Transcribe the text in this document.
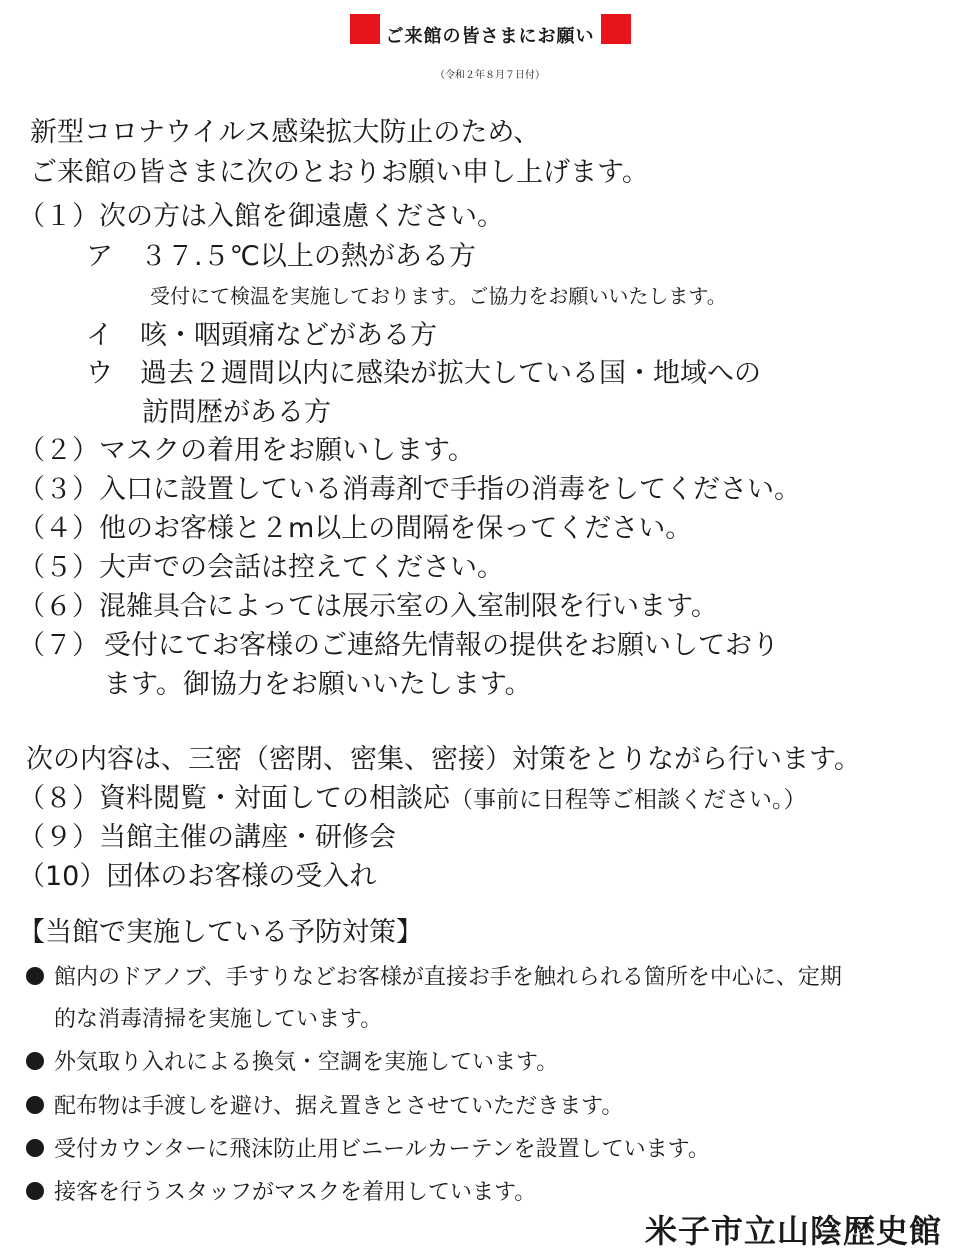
ご来館の皆さまにお願い
（令和２年８月７日付）
新型コロナウイルス感染拡大防止のため、
ご来館の皆さまに次のとおりお願い申し上げます。
（１）次の方は入館を御遠慮ください。
ア　３７.５℃以上の熱がある方
受付にて検温を実施しております。ご協力をお願いいたします。
イ　咳・咽頭痛などがある方
ウ　過去２週間以内に感染が拡大している国・地域への
訪問歴がある方
（２）マスクの着用をお願いします。
（３）入口に設置している消毒剤で手指の消毒をしてください。
（４）他のお客様と２m以上の間隔を保ってください。
（５）大声での会話は控えてください。
（６）混雑具合によっては展示室の入室制限を行います。
（７） 受付にてお客様のご連絡先情報の提供をお願いしており
ます。御協力をお願いいたします。
次の内容は、三密（密閉、密集、密接）対策をとりながら行います。
（８）資料閲覧・対面しての相談応（事前に日程等ご相談ください。）
（９）当館主催の講座・研修会
（10）団体のお客様の受入れ
【当館で実施している予防対策】
館内のドアノブ、手すりなどお客様が直接お手を触れられる箇所を中心に、定期
的な消毒清掃を実施しています。
外気取り入れによる換気・空調を実施しています。
配布物は手渡しを避け、据え置きとさせていただきます。
受付カウンターに飛沫防止用ビニールカーテンを設置しています。
接客を行うスタッフがマスクを着用しています。
米子市立山陰歴史館
